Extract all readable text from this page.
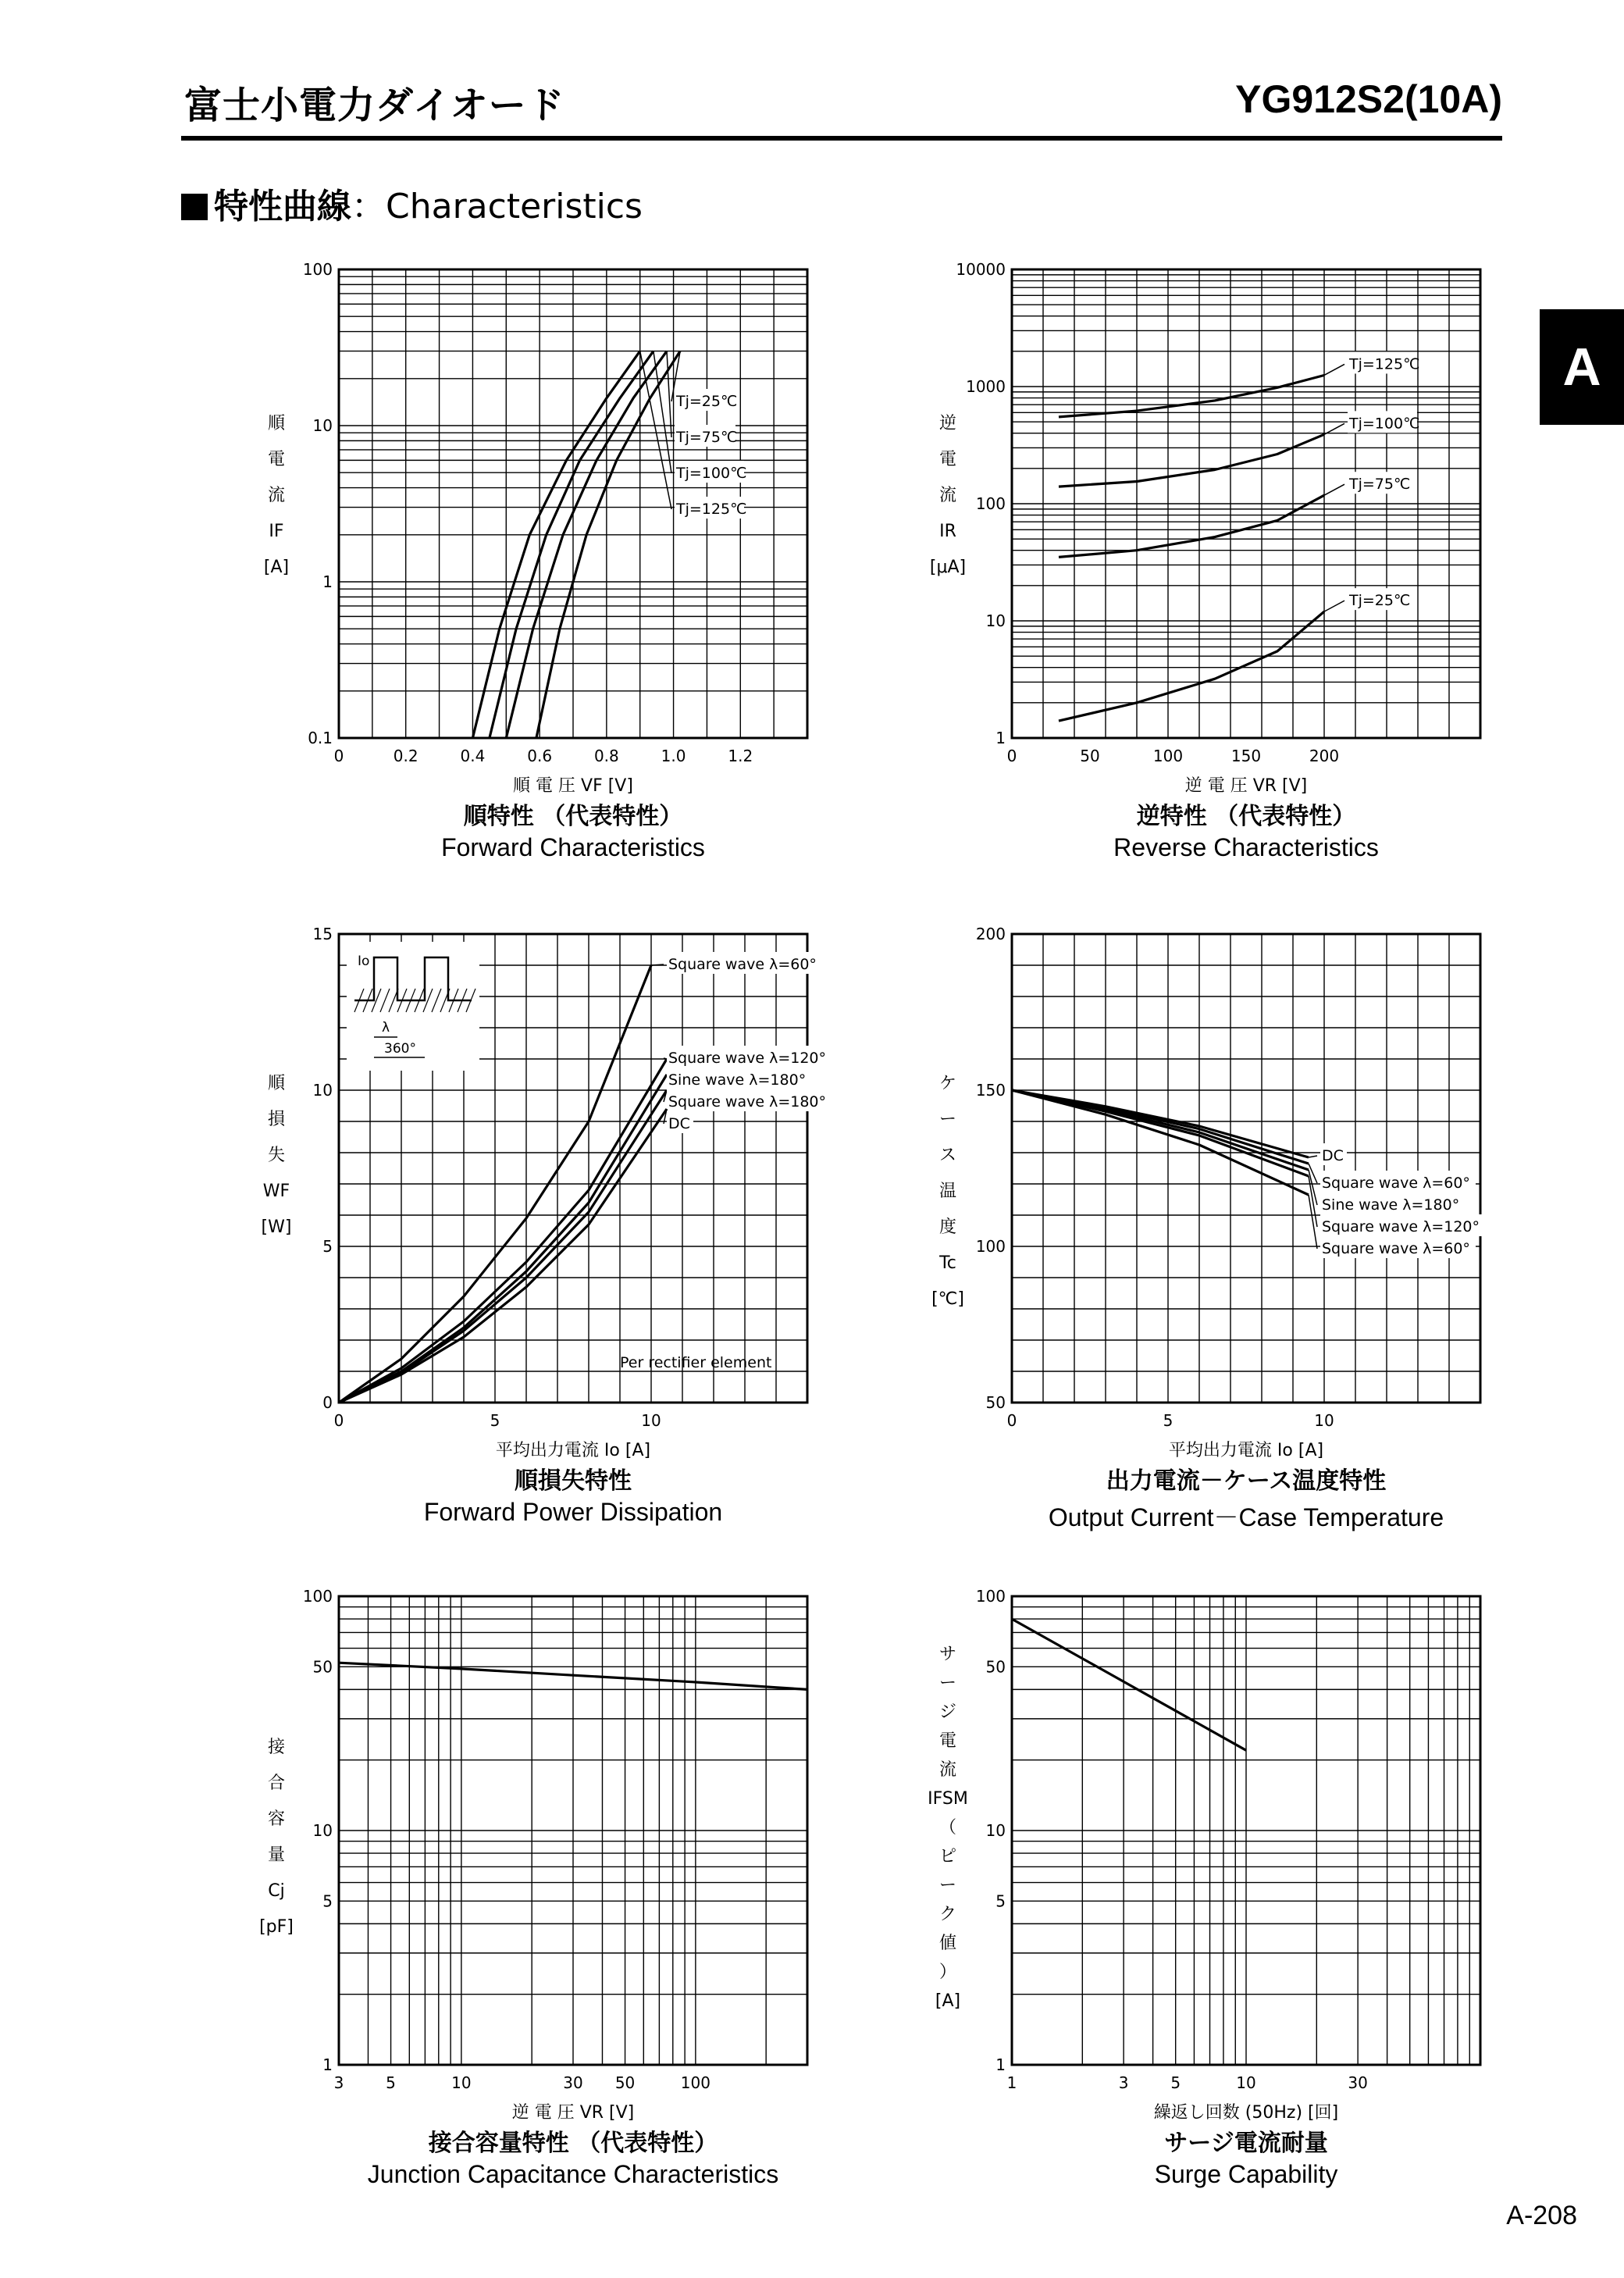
富士小電力ダイオード	YG912S2(10A)
特性曲線：Characteristics
A
A-208
0	0.2	0.4	0.6	0.8	1.0	1.2
0.1
1
10
100
順 電 圧 VF [V]
Tj=25℃
Tj=75℃
Tj=100℃
Tj=125℃
0	50	100	150	200
1
10
100
1000
10000
逆 電 圧 VR [V]
Tj=125℃
Tj=100℃
Tj=75℃
Tj=25℃
0	5	10
0
5
10
15
平均出力電流 Io [A]
Square wave λ=60°
Square wave λ=120°
Sine wave λ=180°
Square wave λ=180°
DC
Per rectifier element
Io
λ
360°
0	5	10
50
100
150
200
平均出力電流 Io [A]
DC
Square wave λ=60°
Sine wave λ=180°
Square wave λ=120°
Square wave λ=60°
3	5	10	30 50	100
1
5
10
50
100
逆 電 圧 VR [V]
1	3	5	10	30
1
5
10
50
100
繰返し回数 (50Hz) [回]
順
電
流
IF
[A]
逆
電
流
IR
[μA]
順
損
失
WF
[W]
ケ
ー
ス
温
度
Tc
[℃]
接
合
容
量
Cj
[pF]
サ
ー
ジ
電
流
IFSM
（
ピ
ー
ク
値
）
[A]
順特性 （代表特性）
Forward Characteristics
逆特性 （代表特性）
Reverse Characteristics
順損失特性
Forward Power Dissipation
出力電流－ケース温度特性
Output Current－Case Temperature
接合容量特性 （代表特性）
Junction Capacitance Characteristics
サージ電流耐量
Surge Capability
